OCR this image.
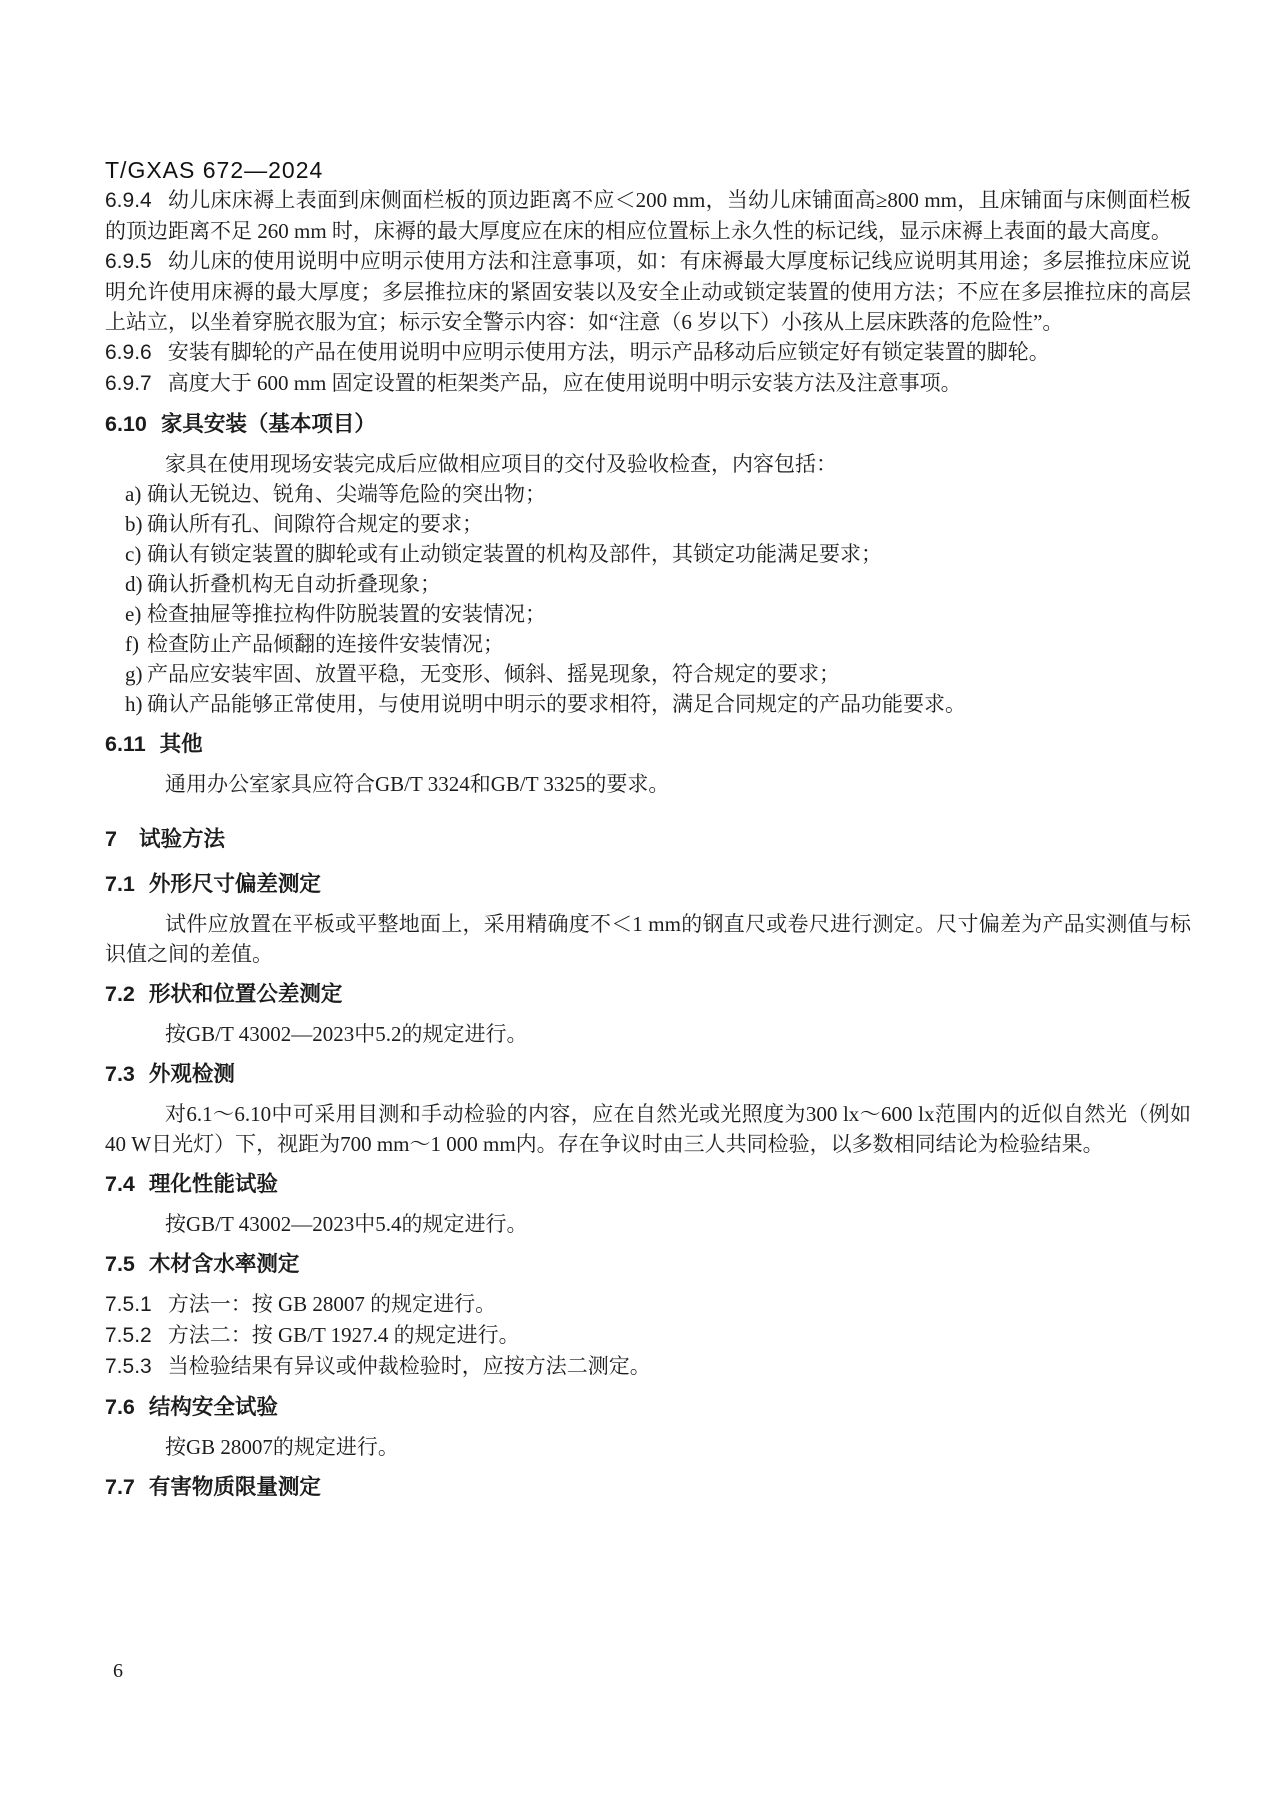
T/GXAS 672—2024

6.9.4 幼儿床床褥上表面到床侧面栏板的顶边距离不应＜200 mm，当幼儿床铺面高≥800 mm，且床铺面与床侧面栏板的顶边距离不足 260 mm 时，床褥的最大厚度应在床的相应位置标上永久性的标记线，显示床褥上表面的最大高度。

6.9.5 幼儿床的使用说明中应明示使用方法和注意事项，如：有床褥最大厚度标记线应说明其用途；多层推拉床应说明允许使用床褥的最大厚度；多层推拉床的紧固安装以及安全止动或锁定装置的使用方法；不应在多层推拉床的高层上站立，以坐着穿脱衣服为宜；标示安全警示内容：如“注意（6 岁以下）小孩从上层床跌落的危险性”。

6.9.6 安装有脚轮的产品在使用说明中应明示使用方法，明示产品移动后应锁定好有锁定装置的脚轮。

6.9.7 高度大于 600 mm 固定设置的柜架类产品，应在使用说明中明示安装方法及注意事项。

6.10 家具安装（基本项目）

家具在使用现场安装完成后应做相应项目的交付及验收检查，内容包括：

a) 确认无锐边、锐角、尖端等危险的突出物；
b) 确认所有孔、间隙符合规定的要求；
c) 确认有锁定装置的脚轮或有止动锁定装置的机构及部件，其锁定功能满足要求；
d) 确认折叠机构无自动折叠现象；
e) 检查抽屉等推拉构件防脱装置的安装情况；
f) 检查防止产品倾翻的连接件安装情况；
g) 产品应安装牢固、放置平稳，无变形、倾斜、摇晃现象，符合规定的要求；
h) 确认产品能够正常使用，与使用说明中明示的要求相符，满足合同规定的产品功能要求。
6.11 其他

通用办公室家具应符合GB/T 3324和GB/T 3325的要求。

7 试验方法
7.1 外形尺寸偏差测定

试件应放置在平板或平整地面上，采用精确度不＜1 mm的钢直尺或卷尺进行测定。尺寸偏差为产品实测值与标识值之间的差值。

7.2 形状和位置公差测定

按GB/T 43002—2023中5.2的规定进行。

7.3 外观检测

对6.1～6.10中可采用目测和手动检验的内容，应在自然光或光照度为300 lx～600 lx范围内的近似自然光（例如40 W日光灯）下，视距为700 mm～1 000 mm内。存在争议时由三人共同检验，以多数相同结论为检验结果。

7.4 理化性能试验

按GB/T 43002—2023中5.4的规定进行。

7.5 木材含水率测定

7.5.1 方法一：按 GB 28007 的规定进行。

7.5.2 方法二：按 GB/T 1927.4 的规定进行。

7.5.3 当检验结果有异议或仲裁检验时，应按方法二测定。

7.6 结构安全试验

按GB 28007的规定进行。

7.7 有害物质限量测定
6
